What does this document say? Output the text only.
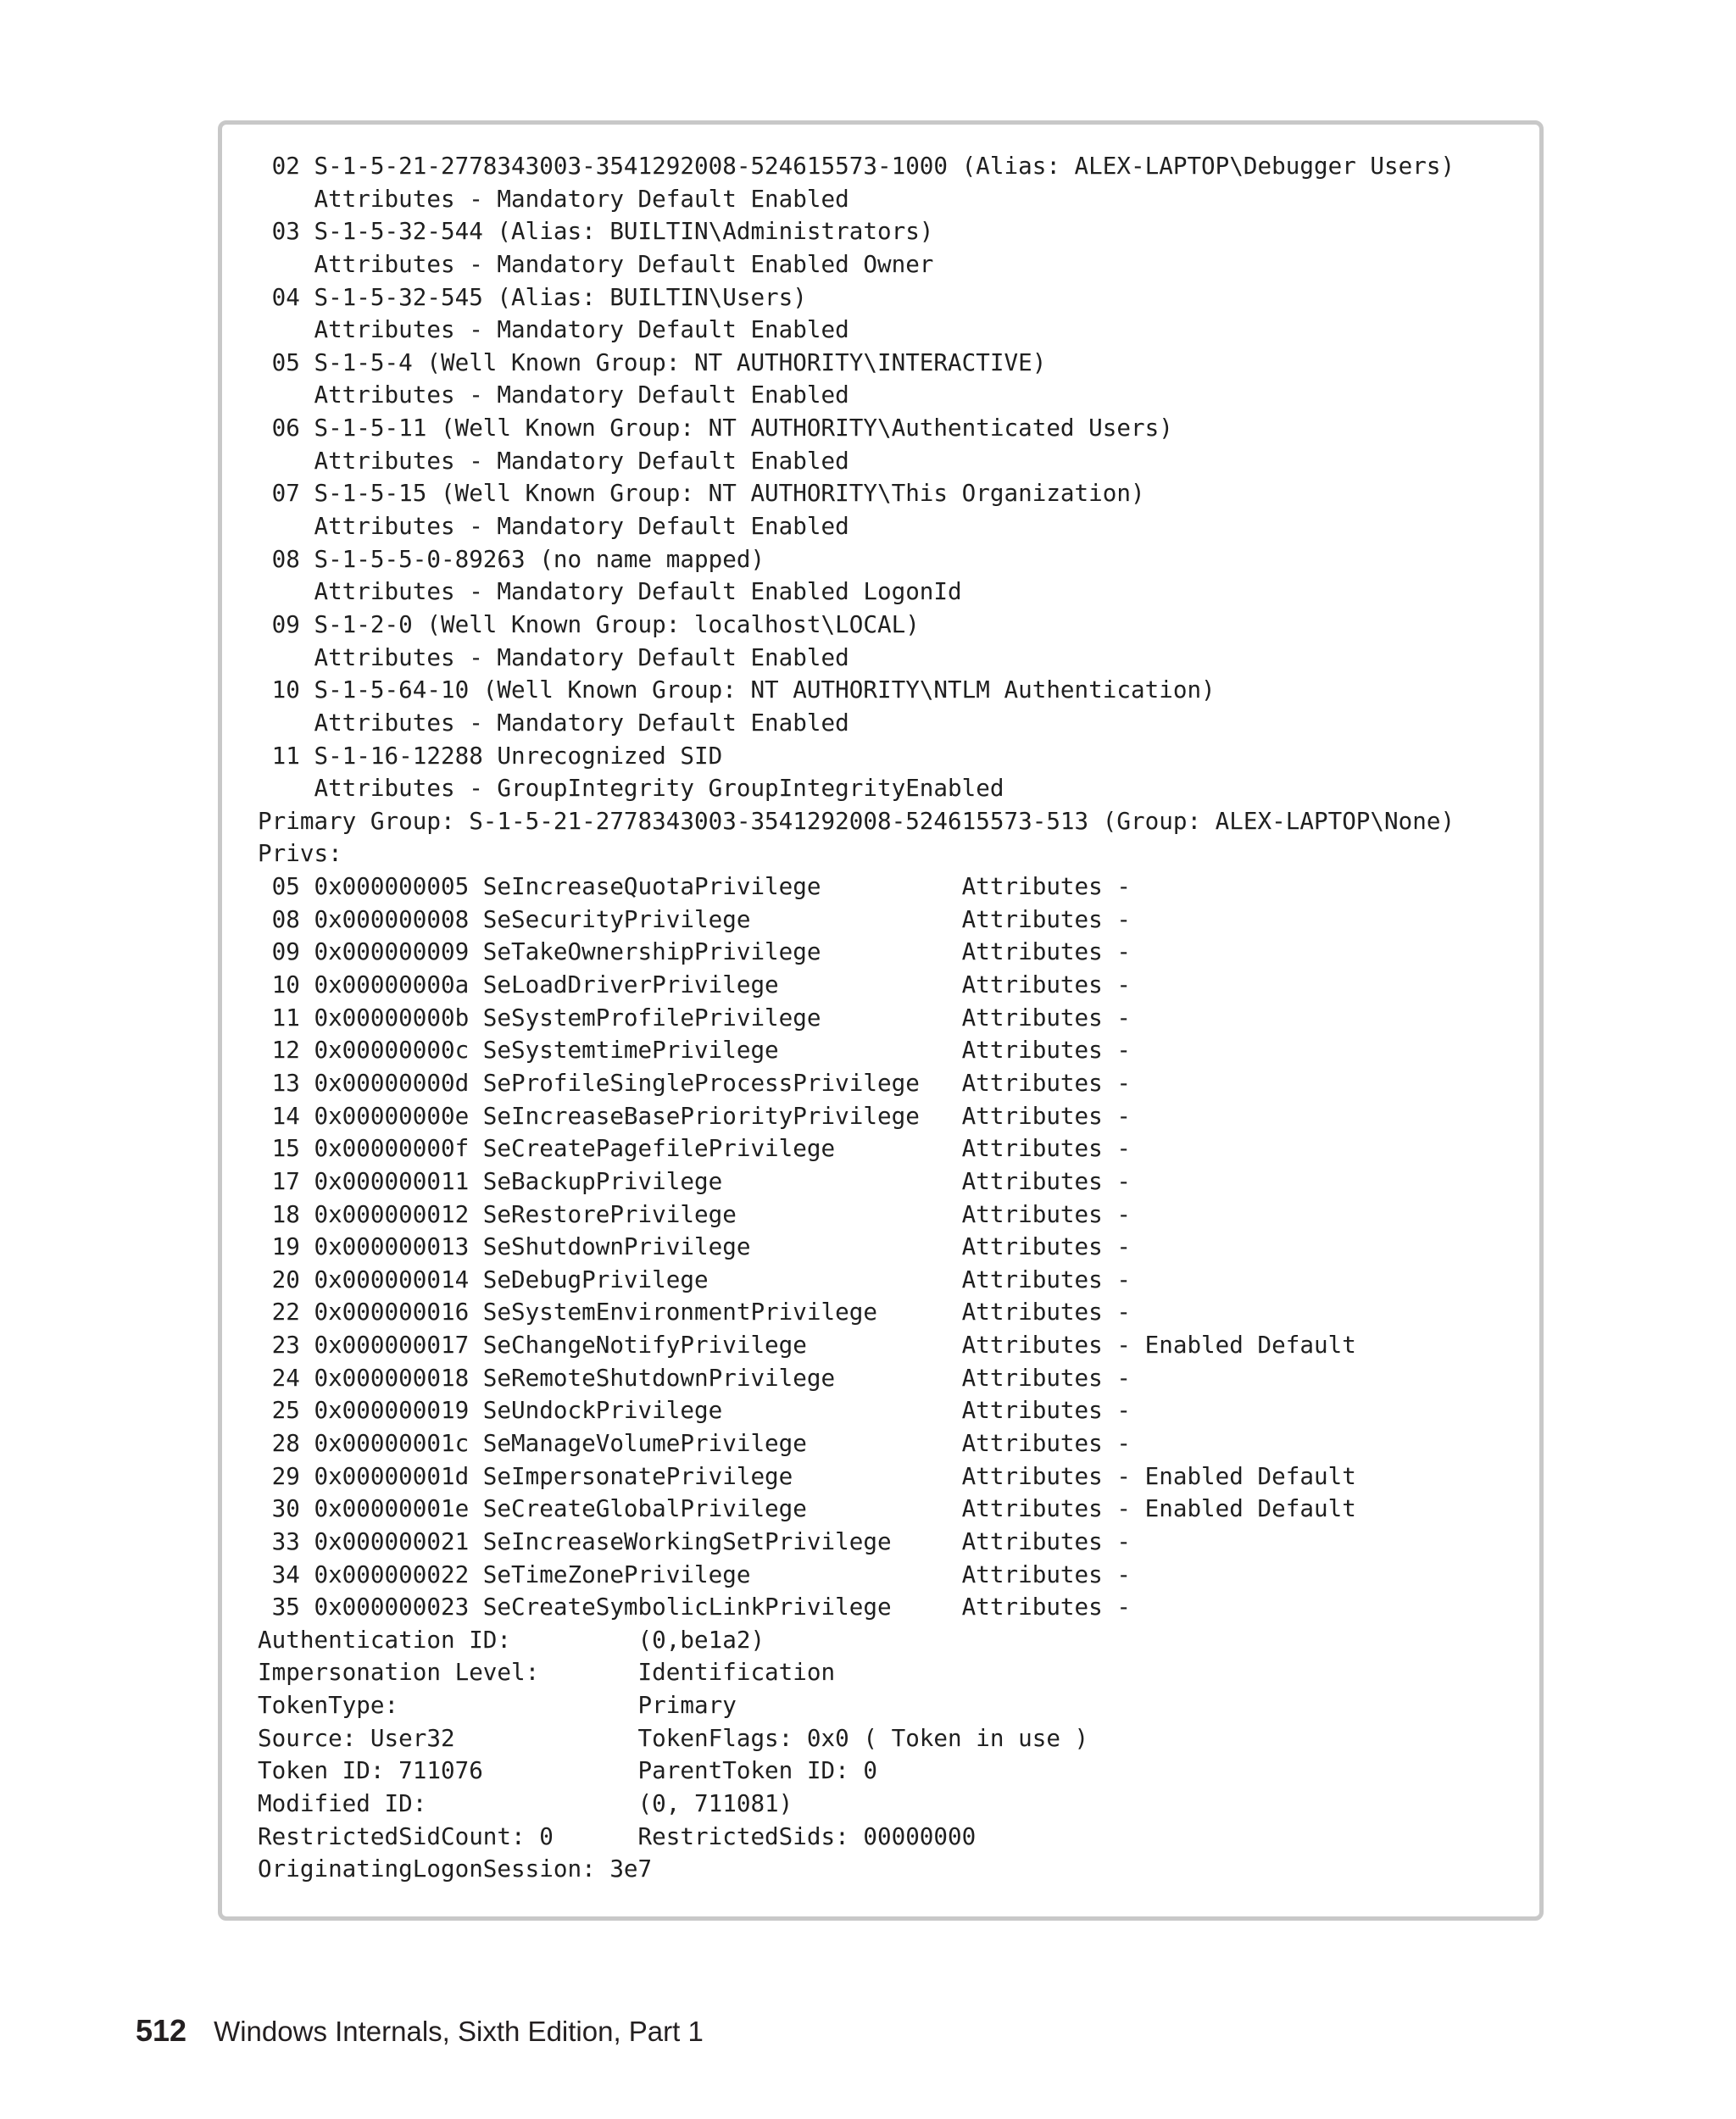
02 S-1-5-21-2778343003-3541292008-524615573-1000 (Alias: ALEX-LAPTOP\Debugger Users)
Attributes - Mandatory Default Enabled
03 S-1-5-32-544 (Alias: BUILTIN\Administrators)
Attributes - Mandatory Default Enabled Owner
04 S-1-5-32-545 (Alias: BUILTIN\Users)
Attributes - Mandatory Default Enabled
05 S-1-5-4 (Well Known Group: NT AUTHORITY\INTERACTIVE)
Attributes - Mandatory Default Enabled
06 S-1-5-11 (Well Known Group: NT AUTHORITY\Authenticated Users)
Attributes - Mandatory Default Enabled
07 S-1-5-15 (Well Known Group: NT AUTHORITY\This Organization)
Attributes - Mandatory Default Enabled
08 S-1-5-5-0-89263 (no name mapped)
Attributes - Mandatory Default Enabled LogonId
09 S-1-2-0 (Well Known Group: localhost\LOCAL)
Attributes - Mandatory Default Enabled
10 S-1-5-64-10 (Well Known Group: NT AUTHORITY\NTLM Authentication)
Attributes - Mandatory Default Enabled
11 S-1-16-12288 Unrecognized SID
Attributes - GroupIntegrity GroupIntegrityEnabled
Primary Group: S-1-5-21-2778343003-3541292008-524615573-513 (Group: ALEX-LAPTOP\None)
Privs:
05 0x000000005 SeIncreaseQuotaPrivilege          Attributes -
08 0x000000008 SeSecurityPrivilege               Attributes -
09 0x000000009 SeTakeOwnershipPrivilege          Attributes -
10 0x00000000a SeLoadDriverPrivilege             Attributes -
11 0x00000000b SeSystemProfilePrivilege          Attributes -
12 0x00000000c SeSystemtimePrivilege             Attributes -
13 0x00000000d SeProfileSingleProcessPrivilege   Attributes -
14 0x00000000e SeIncreaseBasePriorityPrivilege   Attributes -
15 0x00000000f SeCreatePagefilePrivilege         Attributes -
17 0x000000011 SeBackupPrivilege                 Attributes -
18 0x000000012 SeRestorePrivilege                Attributes -
19 0x000000013 SeShutdownPrivilege               Attributes -
20 0x000000014 SeDebugPrivilege                  Attributes -
22 0x000000016 SeSystemEnvironmentPrivilege      Attributes -
23 0x000000017 SeChangeNotifyPrivilege           Attributes - Enabled Default
24 0x000000018 SeRemoteShutdownPrivilege         Attributes -
25 0x000000019 SeUndockPrivilege                 Attributes -
28 0x00000001c SeManageVolumePrivilege           Attributes -
29 0x00000001d SeImpersonatePrivilege            Attributes - Enabled Default
30 0x00000001e SeCreateGlobalPrivilege           Attributes - Enabled Default
33 0x000000021 SeIncreaseWorkingSetPrivilege     Attributes -
34 0x000000022 SeTimeZonePrivilege               Attributes -
35 0x000000023 SeCreateSymbolicLinkPrivilege     Attributes -
Authentication ID:         (0,be1a2)
Impersonation Level:       Identification
TokenType:                 Primary
Source: User32             TokenFlags: 0x0 ( Token in use )
Token ID: 711076           ParentToken ID: 0
Modified ID:               (0, 711081)
RestrictedSidCount: 0      RestrictedSids: 00000000
OriginatingLogonSession: 3e7
512 Windows Internals, Sixth Edition, Part 1
